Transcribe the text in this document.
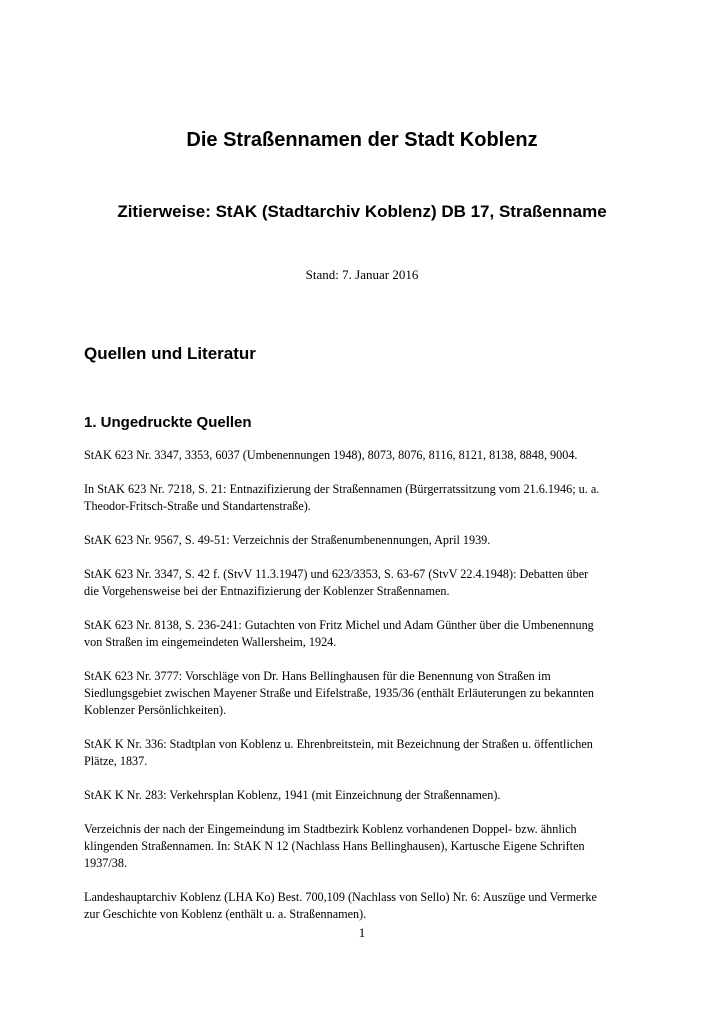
Die Straßennamen der Stadt Koblenz
Zitierweise: StAK (Stadtarchiv Koblenz) DB 17, Straßenname

Stand: 7. Januar 2016

Quellen und Literatur
1. Ungedruckte Quellen
StAK 623 Nr. 3347, 3353, 6037 (Umbenennungen 1948), 8073, 8076, 8116, 8121, 8138, 8848, 9004.
In StAK 623 Nr. 7218, S. 21: Entnazifizierung der Straßennamen (Bürgerratssitzung vom 21.6.1946; u. a.
Theodor-Fritsch-Straße und Standartenstraße).
StAK 623 Nr. 9567, S. 49-51: Verzeichnis der Straßenumbenennungen, April 1939.
StAK 623 Nr. 3347, S. 42 f. (StvV 11.3.1947) und 623/3353, S. 63-67 (StvV 22.4.1948): Debatten über
die Vorgehensweise bei der Entnazifizierung der Koblenzer Straßennamen.
StAK 623 Nr. 8138, S. 236-241: Gutachten von Fritz Michel und Adam Günther über die Umbenennung
von Straßen im eingemeindeten Wallersheim, 1924.
StAK 623 Nr. 3777: Vorschläge von Dr. Hans Bellinghausen für die Benennung von Straßen im
Siedlungsgebiet zwischen Mayener Straße und Eifelstraße, 1935/36 (enthält Erläuterungen zu bekannten
Koblenzer Persönlichkeiten).
StAK K Nr. 336: Stadtplan von Koblenz u. Ehrenbreitstein, mit Bezeichnung der Straßen u. öffentlichen
Plätze, 1837.
StAK K Nr. 283: Verkehrsplan Koblenz, 1941 (mit Einzeichnung der Straßennamen).
Verzeichnis der nach der Eingemeindung im Stadtbezirk Koblenz vorhandenen Doppel- bzw. ähnlich
klingenden Straßennamen. In: StAK N 12 (Nachlass Hans Bellinghausen), Kartusche Eigene Schriften
1937/38.
Landeshauptarchiv Koblenz (LHA Ko) Best. 700,109 (Nachlass von Sello) Nr. 6: Auszüge und Vermerke
zur Geschichte von Koblenz (enthält u. a. Straßennamen).
1
